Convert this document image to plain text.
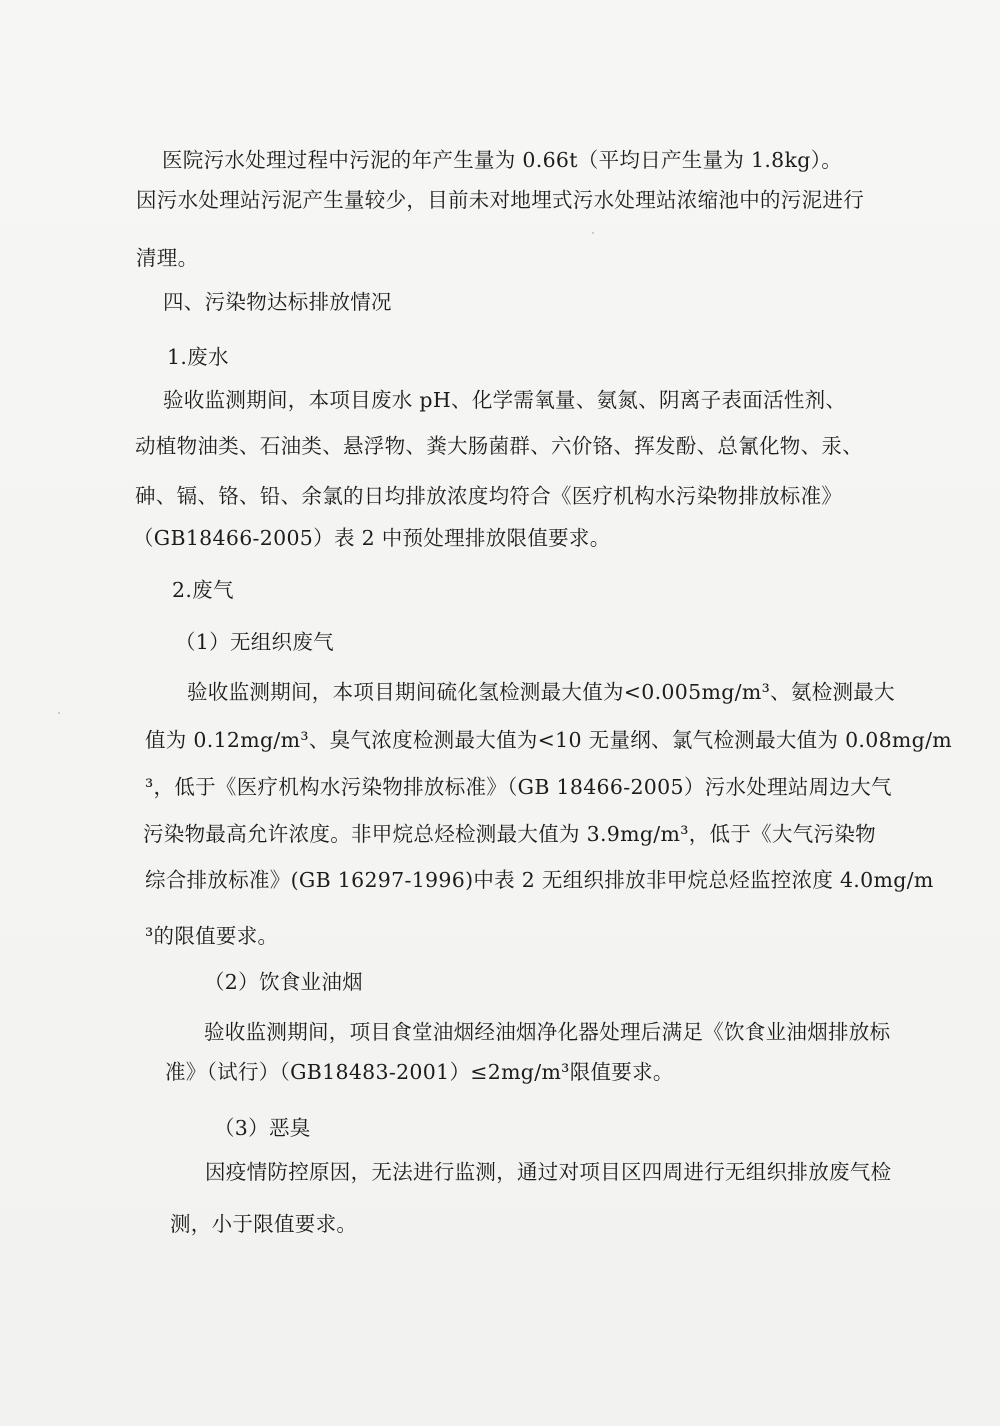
医院污水处理过程中污泥的年产生量为 0.66t（平均日产生量为 1.8kg）。
因污水处理站污泥产生量较少，目前未对地埋式污水处理站浓缩池中的污泥进行
清理。
四、污染物达标排放情况
1.废水
验收监测期间，本项目废水 pH、化学需氧量、氨氮、阴离子表面活性剂、
动植物油类、石油类、悬浮物、粪大肠菌群、六价铬、挥发酚、总氰化物、汞、
砷、镉、铬、铅、余氯的日均排放浓度均符合《医疗机构水污染物排放标准》
（GB18466-2005）表 2 中预处理排放限值要求。
2.废气
（1）无组织废气
验收监测期间，本项目期间硫化氢检测最大值为<0.005mg/m³、氨检测最大
值为 0.12mg/m³、臭气浓度检测最大值为<10 无量纲、氯气检测最大值为 0.08mg/m
³，低于《医疗机构水污染物排放标准》（GB 18466-2005）污水处理站周边大气
污染物最高允许浓度。非甲烷总烃检测最大值为 3.9mg/m³，低于《大气污染物
综合排放标准》(GB 16297-1996)中表 2 无组织排放非甲烷总烃监控浓度 4.0mg/m
³的限值要求。
（2）饮食业油烟
验收监测期间，项目食堂油烟经油烟净化器处理后满足《饮食业油烟排放标
准》（试行）（GB18483-2001）≤2mg/m³限值要求。
（3）恶臭
因疫情防控原因，无法进行监测，通过对项目区四周进行无组织排放废气检
测，小于限值要求。
